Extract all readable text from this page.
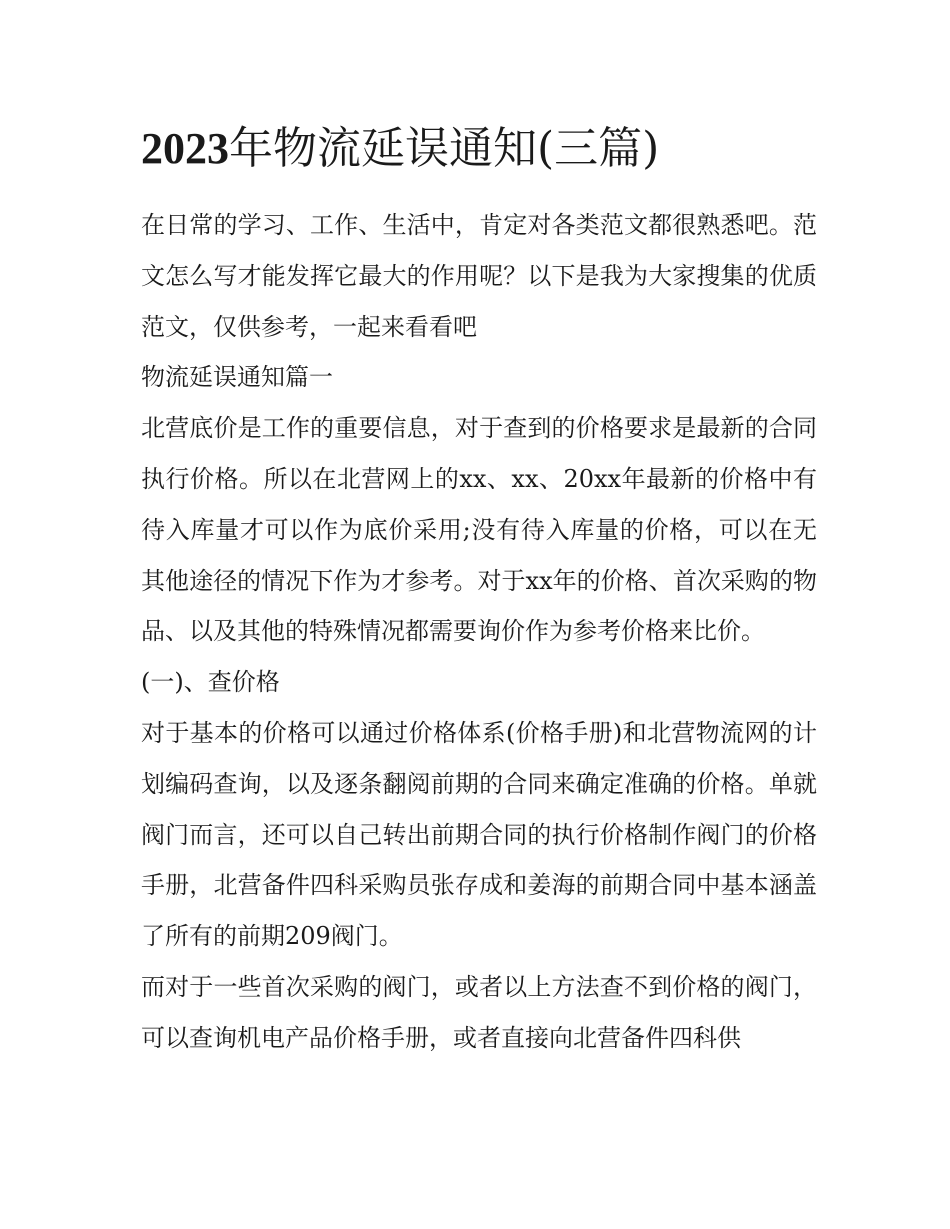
2023年物流延误通知(三篇)

在日常的学习、工作、生活中，肯定对各类范文都很熟悉吧。范文怎么写才能发挥它最大的作用呢？以下是我为大家搜集的优质范文，仅供参考，一起来看看吧

物流延误通知篇一

北营底价是工作的重要信息，对于查到的价格要求是最新的合同执行价格。所以在北营网上的xx、xx、20xx年最新的价格中有待入库量才可以作为底价采用;没有待入库量的价格，可以在无其他途径的情况下作为才参考。对于xx年的价格、首次采购的物品、以及其他的特殊情况都需要询价作为参考价格来比价。

(一)、查价格

对于基本的价格可以通过价格体系(价格手册)和北营物流网的计划编码查询，以及逐条翻阅前期的合同来确定准确的价格。单就阀门而言，还可以自己转出前期合同的执行价格制作阀门的价格手册，北营备件四科采购员张存成和姜海的前期合同中基本涵盖了所有的前期209阀门。

而对于一些首次采购的阀门，或者以上方法查不到价格的阀门，可以查询机电产品价格手册，或者直接向北营备件四科供
